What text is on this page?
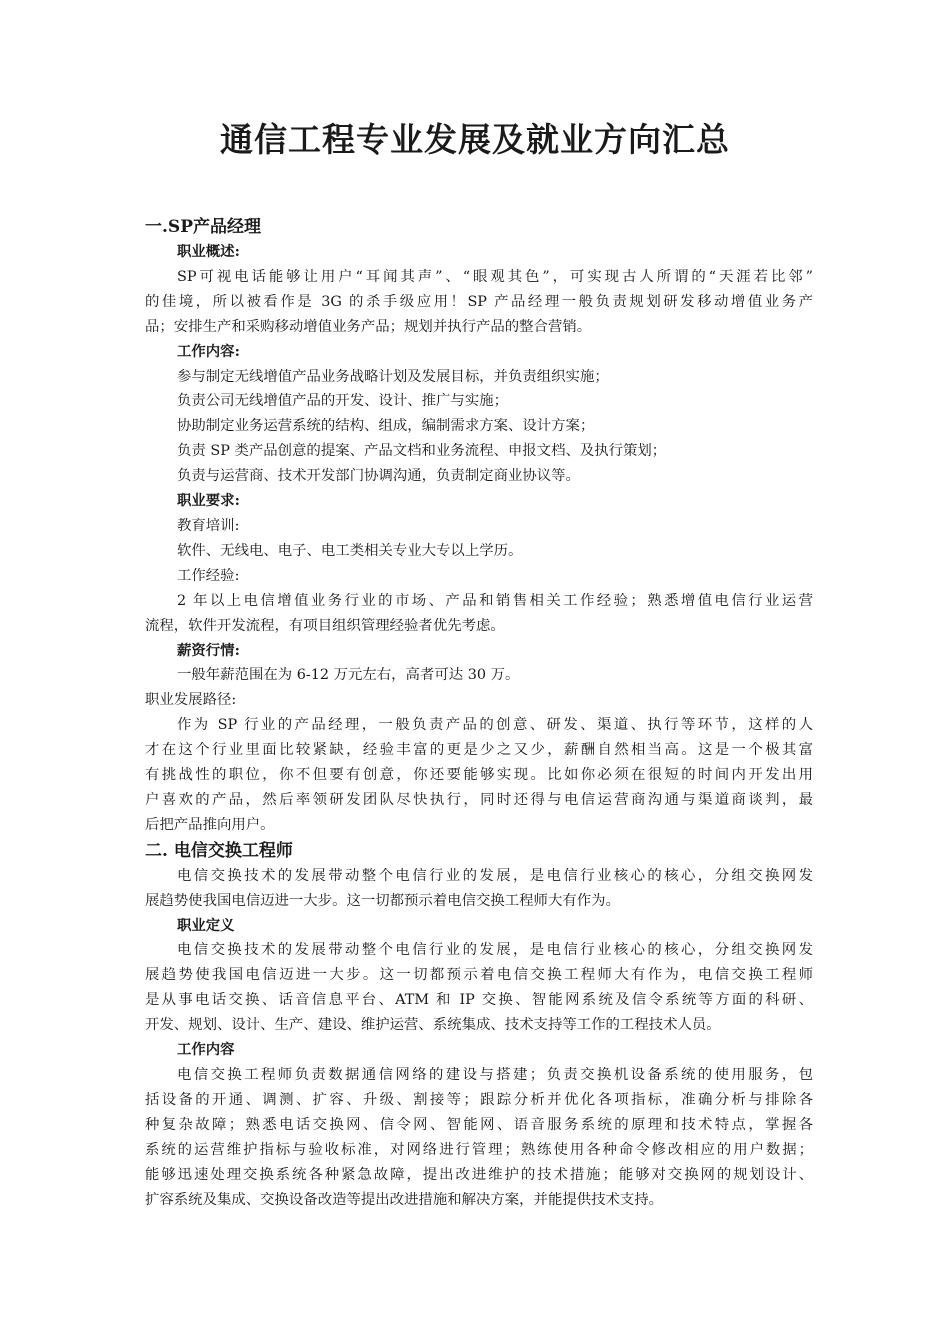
通信工程专业发展及就业方向汇总
一.SP产品经理
职业概述:
SP可视电话能够让用户“耳闻其声”、“眼观其色”，可实现古人所谓的“天涯若比邻”
的佳境，所以被看作是 3G 的杀手级应用！SP 产品经理一般负责规划研发移动增值业务产
品；安排生产和采购移动增值业务产品；规划并执行产品的整合营销。
工作内容:
参与制定无线增值产品业务战略计划及发展目标，并负责组织实施；
负责公司无线增值产品的开发、设计、推广与实施；
协助制定业务运营系统的结构、组成，编制需求方案、设计方案；
负责 SP 类产品创意的提案、产品文档和业务流程、申报文档、及执行策划；
负责与运营商、技术开发部门协调沟通，负责制定商业协议等。
职业要求:
教育培训:
软件、无线电、电子、电工类相关专业大专以上学历。
工作经验:
2 年以上电信增值业务行业的市场、产品和销售相关工作经验；熟悉增值电信行业运营
流程，软件开发流程，有项目组织管理经验者优先考虑。
薪资行情:
一般年薪范围在为 6-12 万元左右，高者可达 30 万。
职业发展路径:
作为 SP 行业的产品经理，一般负责产品的创意、研发、渠道、执行等环节，这样的人
才在这个行业里面比较紧缺，经验丰富的更是少之又少，薪酬自然相当高。这是一个极其富
有挑战性的职位，你不但要有创意，你还要能够实现。比如你必须在很短的时间内开发出用
户喜欢的产品，然后率领研发团队尽快执行，同时还得与电信运营商沟通与渠道商谈判，最
后把产品推向用户。
二. 电信交换工程师
电信交换技术的发展带动整个电信行业的发展，是电信行业核心的核心，分组交换网发
展趋势使我国电信迈进一大步。这一切都预示着电信交换工程师大有作为。
职业定义
电信交换技术的发展带动整个电信行业的发展，是电信行业核心的核心，分组交换网发
展趋势使我国电信迈进一大步。这一切都预示着电信交换工程师大有作为，电信交换工程师
是从事电话交换、话音信息平台、ATM 和 IP 交换、智能网系统及信令系统等方面的科研、
开发、规划、设计、生产、建设、维护运营、系统集成、技术支持等工作的工程技术人员。
工作内容
电信交换工程师负责数据通信网络的建设与搭建；负责交换机设备系统的使用服务，包
括设备的开通、调测、扩容、升级、割接等；跟踪分析并优化各项指标，准确分析与排除各
种复杂故障；熟悉电话交换网、信令网、智能网、语音服务系统的原理和技术特点，掌握各
系统的运营维护指标与验收标准，对网络进行管理；熟练使用各种命令修改相应的用户数据；
能够迅速处理交换系统各种紧急故障，提出改进维护的技术措施；能够对交换网的规划设计、
扩容系统及集成、交换设备改造等提出改进措施和解决方案，并能提供技术支持。
